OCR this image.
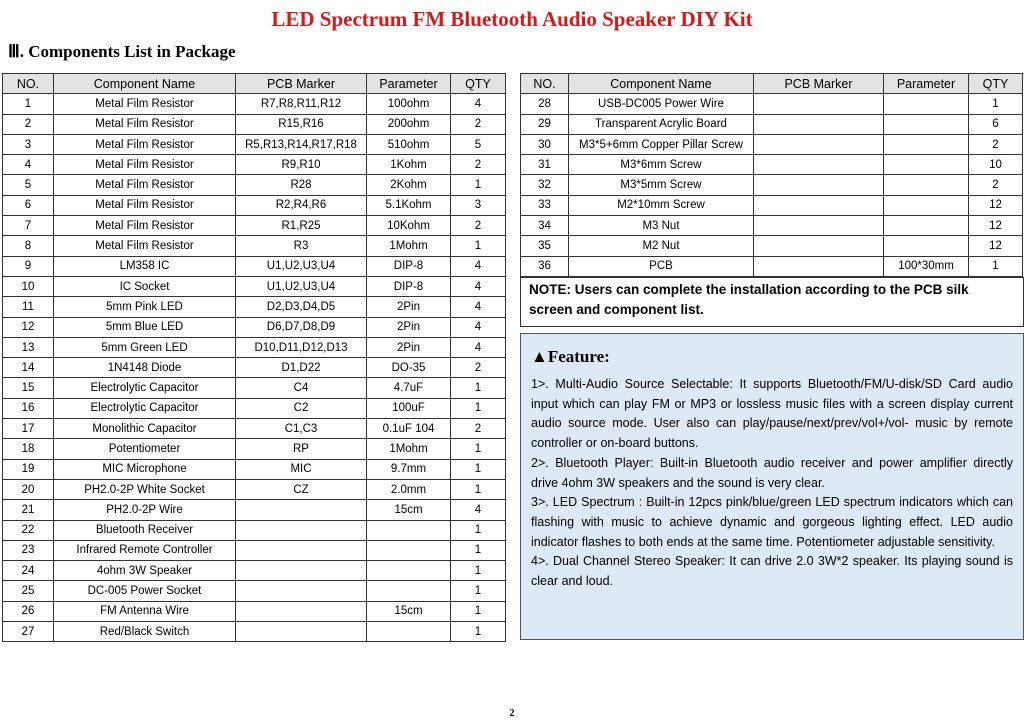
LED Spectrum FM Bluetooth Audio Speaker DIY Kit
Ⅲ. Components List in Package
NO.	Component Name	PCB Marker	Parameter	QTY
1	Metal Film Resistor	R7,R8,R11,R12	100ohm	4
2	Metal Film Resistor	R15,R16	200ohm	2
3	Metal Film Resistor	R5,R13,R14,R17,R18	510ohm	5
4	Metal Film Resistor	R9,R10	1Kohm	2
5	Metal Film Resistor	R28	2Kohm	1
6	Metal Film Resistor	R2,R4,R6	5.1Kohm	3
7	Metal Film Resistor	R1,R25	10Kohm	2
8	Metal Film Resistor	R3	1Mohm	1
9	LM358 IC	U1,U2,U3,U4	DIP-8	4
10	IC Socket	U1,U2,U3,U4	DIP-8	4
11	5mm Pink LED	D2,D3,D4,D5	2Pin	4
12	5mm Blue LED	D6,D7,D8,D9	2Pin	4
13	5mm Green LED	D10,D11,D12,D13	2Pin	4
14	1N4148 Diode	D1,D22	DO-35	2
15	Electrolytic Capacitor	C4	4.7uF	1
16	Electrolytic Capacitor	C2	100uF	1
17	Monolithic Capacitor	C1,C3	0.1uF 104	2
18	Potentiometer	RP	1Mohm	1
19	MIC Microphone	MIC	9.7mm	1
20	PH2.0-2P White Socket	CZ	2.0mm	1
21	PH2.0-2P Wire		15cm	4
22	Bluetooth Receiver			1
23	Infrared Remote Controller			1
24	4ohm 3W Speaker			1
25	DC-005 Power Socket			1
26	FM Antenna Wire		15cm	1
27	Red/Black Switch			1
NO.	Component Name	PCB Marker	Parameter	QTY
28	USB-DC005 Power Wire			1
29	Transparent Acrylic Board			6
30	M3*5+6mm Copper Pillar Screw			2
31	M3*6mm Screw			10
32	M3*5mm Screw			2
33	M2*10mm Screw			12
34	M3 Nut			12
35	M2 Nut			12
36	PCB		100*30mm	1
NOTE: Users can complete the installation according to the PCB silk screen and component list.
▲Feature:

1>. Multi-Audio Source Selectable: It supports Bluetooth/FM/U-disk/SD Card audio input which can play FM or MP3 or lossless music files with a screen display current audio source mode. User also can play/pause/next/prev/vol+/vol- music by remote controller or on-board buttons.

2>. Bluetooth Player: Built-in Bluetooth audio receiver and power amplifier directly drive 4ohm 3W speakers and the sound is very clear.

3>. LED Spectrum : Built-in 12pcs pink/blue/green LED spectrum indicators which can flashing with music to achieve dynamic and gorgeous lighting effect. LED audio indicator flashes to both ends at the same time. Potentiometer adjustable sensitivity.

4>. Dual Channel Stereo Speaker: It can drive 2.0 3W*2 speaker. Its playing sound is clear and loud.

2
